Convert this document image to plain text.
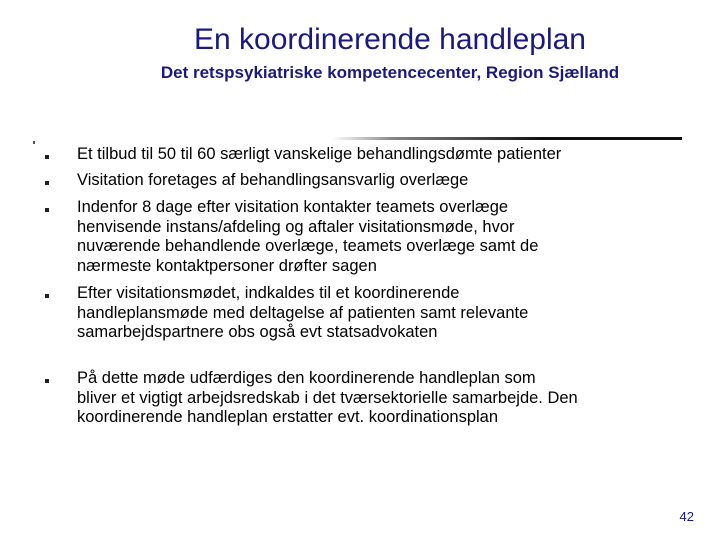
En koordinerende handleplan
Det retspsykiatriske kompetencecenter, Region Sjælland
Et tilbud til 50 til 60 særligt vanskelige behandlingsdømte patienter
Visitation foretages af behandlingsansvarlig overlæge
Indenfor 8 dage efter visitation kontakter teamets overlæge
henvisende instans/afdeling og aftaler visitationsmøde, hvor
nuværende behandlende overlæge, teamets overlæge samt de
nærmeste kontaktpersoner drøfter sagen
Efter visitationsmødet, indkaldes til et koordinerende
handleplansmøde med deltagelse af patienten samt relevante
samarbejdspartnere obs også evt statsadvokaten
På dette møde udfærdiges den koordinerende handleplan som
bliver et vigtigt arbejdsredskab i det tværsektorielle samarbejde. Den
koordinerende handleplan erstatter evt. koordinationsplan
42
